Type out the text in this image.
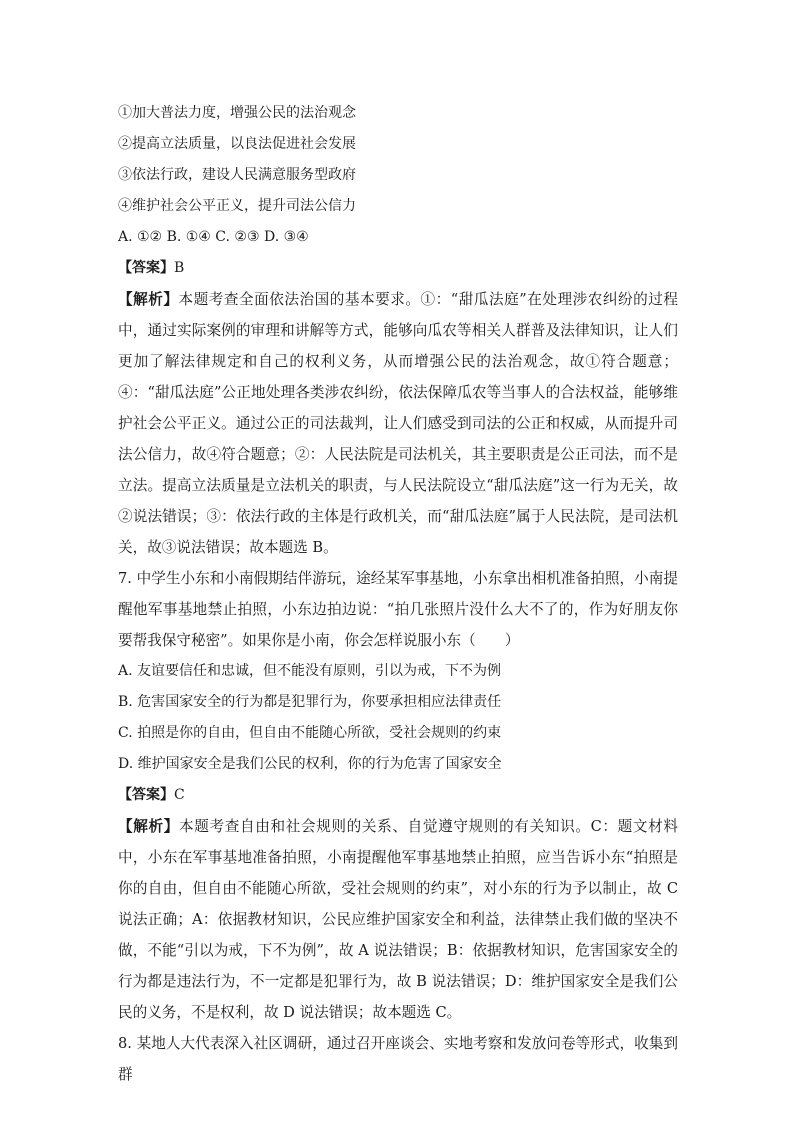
①加大普法力度，增强公民的法治观念
②提高立法质量，以良法促进社会发展
③依法行政，建设人民满意服务型政府
④维护社会公平正义，提升司法公信力
A. ①② B. ①④ C. ②③ D. ③④
【答案】B

【解析】本题考查全面依法治国的基本要求。①：“甜瓜法庭”在处理涉农纠纷的过程中，通过实际案例的审理和讲解等方式，能够向瓜农等相关人群普及法律知识，让人们更加了解法律规定和自己的权利义务，从而增强公民的法治观念，故①符合题意；④：“甜瓜法庭”公正地处理各类涉农纠纷，依法保障瓜农等当事人的合法权益，能够维护社会公平正义。通过公正的司法裁判，让人们感受到司法的公正和权威，从而提升司法公信力，故④符合题意；②：人民法院是司法机关，其主要职责是公正司法，而不是立法。提高立法质量是立法机关的职责，与人民法院设立“甜瓜法庭”这一行为无关，故②说法错误；③：依法行政的主体是行政机关，而“甜瓜法庭”属于人民法院，是司法机关，故③说法错误；故本题选 B。

7. 中学生小东和小南假期结伴游玩，途经某军事基地，小东拿出相机准备拍照，小南提醒他军事基地禁止拍照，小东边拍边说：“拍几张照片没什么大不了的，作为好朋友你要帮我保守秘密”。如果你是小南，你会怎样说服小东（　　）

A. 友谊要信任和忠诚，但不能没有原则，引以为戒，下不为例
B. 危害国家安全的行为都是犯罪行为，你要承担相应法律责任
C. 拍照是你的自由，但自由不能随心所欲，受社会规则的约束
D. 维护国家安全是我们公民的权利，你的行为危害了国家安全
【答案】C

【解析】本题考查自由和社会规则的关系、自觉遵守规则的有关知识。C：题文材料中，小东在军事基地准备拍照，小南提醒他军事基地禁止拍照，应当告诉小东“拍照是你的自由，但自由不能随心所欲，受社会规则的约束”，对小东的行为予以制止，故 C 说法正确；A：依据教材知识，公民应维护国家安全和利益，法律禁止我们做的坚决不做，不能“引以为戒，下不为例”，故 A 说法错误；B：依据教材知识，危害国家安全的行为都是违法行为，不一定都是犯罪行为，故 B 说法错误；D：维护国家安全是我们公民的义务，不是权利，故 D 说法错误；故本题选 C。

8. 某地人大代表深入社区调研，通过召开座谈会、实地考察和发放问卷等形式，收集到群
